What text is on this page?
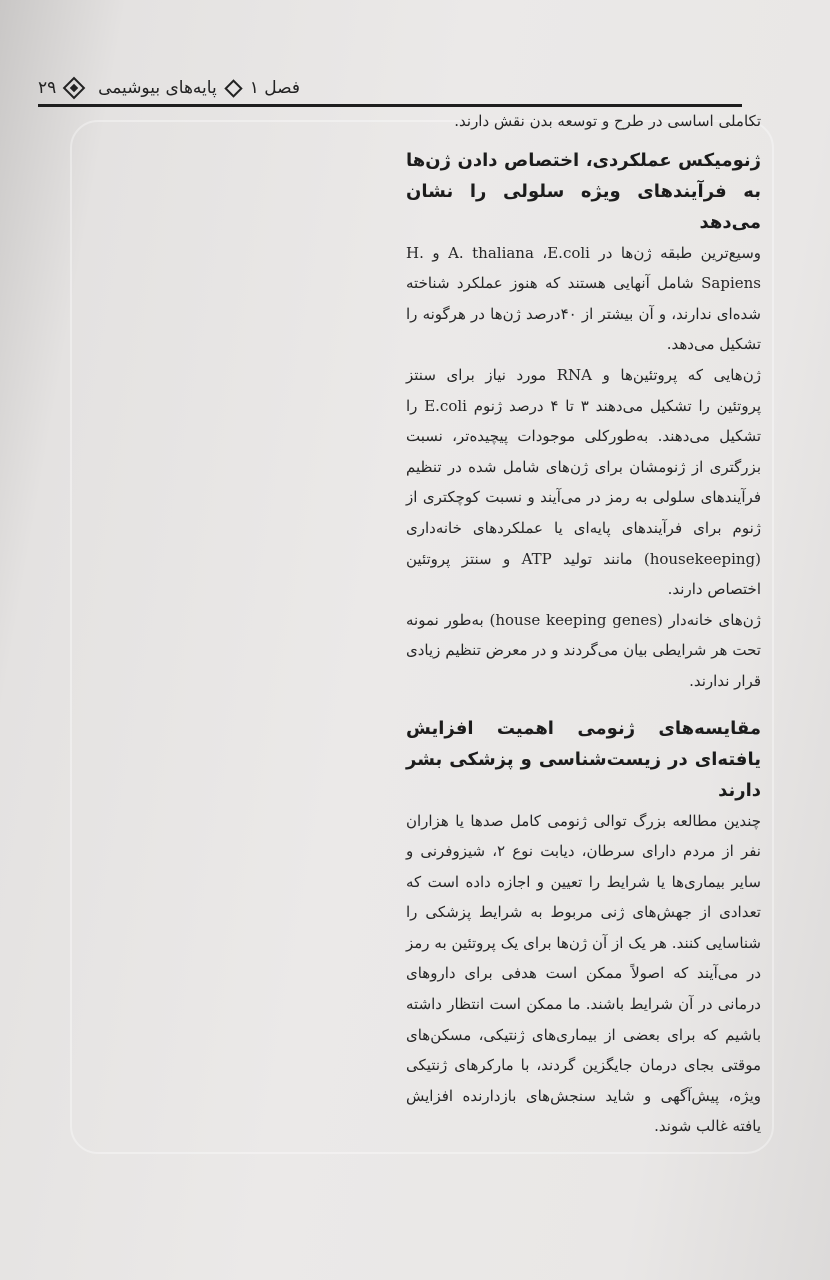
فصل ۱
پایه‌های بیوشیمی
۲۹

تکاملی اساسی در طرح و توسعه بدن نقش دارند.

ژنومیکس عملکردی، اختصاص دادن ژن‌ها به فرآیندهای ویژه سلولی را نشان می‌دهد

وسیع‌ترین طبقه ژن‌ها در A. thaliana ،E.coli و H. Sapiens شامل آنهایی هستند که هنوز عملکرد شناخته شده‌ای ندارند، و آن بیشتر از ۴۰درصد ژن‌ها در هرگونه را تشکیل می‌دهد.

ژن‌هایی که پروتئین‌ها و RNA مورد نیاز برای سنتز پروتئین را تشکیل می‌دهند ۳ تا ۴ درصد ژنوم E.coli را تشکیل می‌دهند. به‌طورکلی موجودات پیچیده‌تر، نسبت بزرگتری از ژنومشان برای ژن‌های شامل شده در تنظیم فرآیندهای سلولی به رمز در می‌آیند و نسبت کوچکتری از ژنوم برای فرآیندهای پایه‌ای یا عملکردهای خانه‌داری (housekeeping) مانند تولید ATP و سنتز پروتئین اختصاص دارند.

ژن‌های خانه‌دار (house keeping genes) به‌طور نمونه تحت هر شرایطی بیان می‌گردند و در معرض تنظیم زیادی قرار ندارند.

مقایسه‌های ژنومی اهمیت افزایش یافته‌ای در زیست‌شناسی و پزشکی بشر دارند

چندین مطالعه بزرگ توالی ژنومی کامل صدها یا هزاران نفر از مردم دارای سرطان، دیابت نوع ۲، شیزوفرنی و سایر بیماری‌ها یا شرایط را تعیین و اجازه داده است که تعدادی از جهش‌های ژنی مربوط به شرایط پزشکی را شناسایی کنند. هر یک از آن ژن‌ها برای یک پروتئین به رمز در می‌آیند که اصولاً ممکن است هدفی برای داروهای درمانی در آن شرایط باشند. ما ممکن است انتظار داشته باشیم که برای بعضی از بیماری‌های ژنتیکی، مسکن‌های موقتی بجای درمان جایگزین گردند، با مارکرهای ژنتیکی ویژه، پیش‌آگهی و شاید سنجش‌های بازدارنده افزایش یافته غالب شوند.
